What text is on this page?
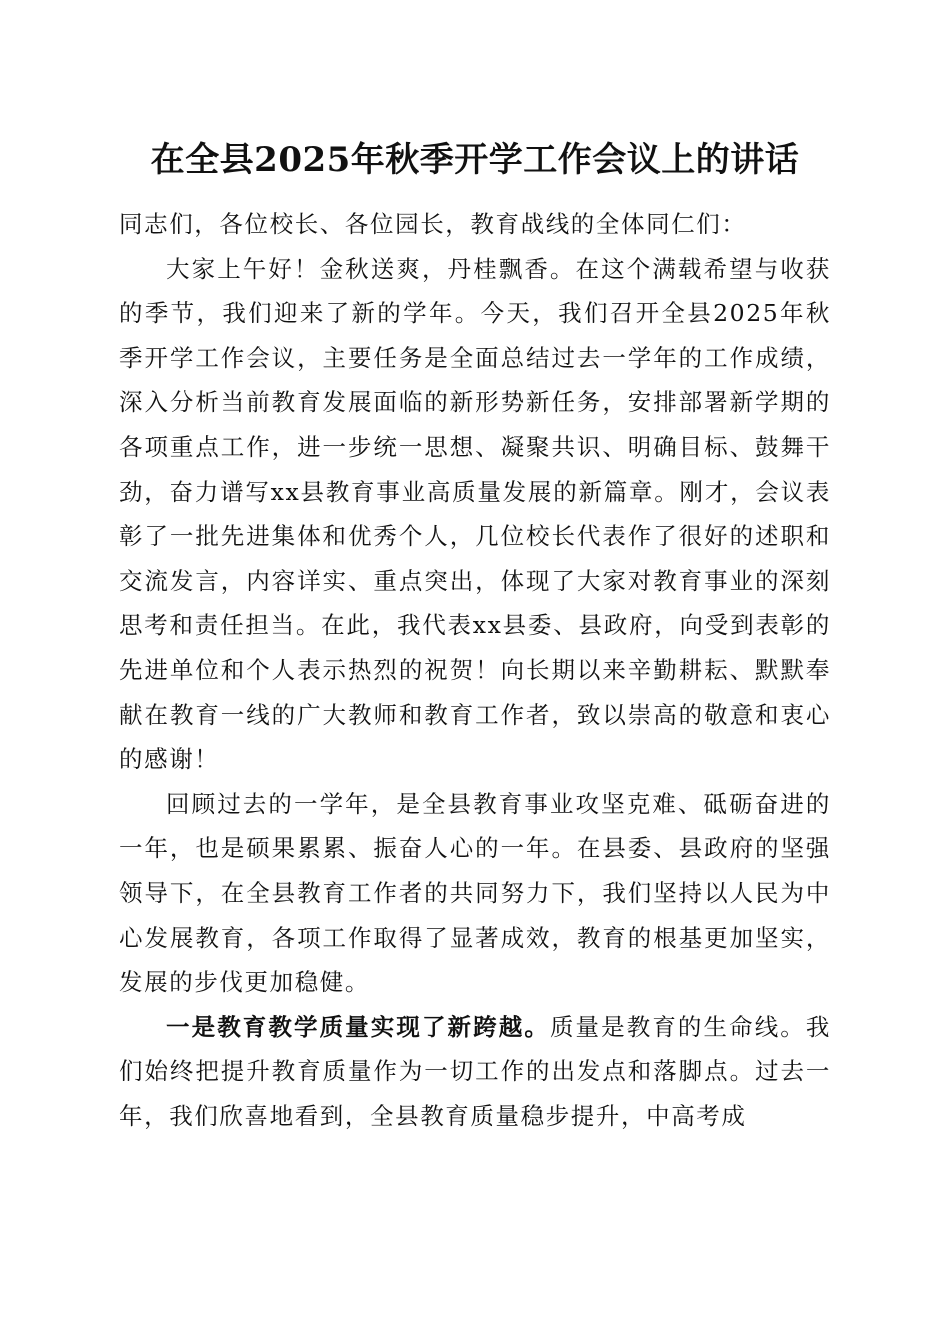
在全县2025年秋季开学工作会议上的讲话

同志们，各位校长、各位园长，教育战线的全体同仁们：

大家上午好！金秋送爽，丹桂飘香。在这个满载希望与收获的季节，我们迎来了新的学年。今天，我们召开全县2025年秋季开学工作会议，主要任务是全面总结过去一学年的工作成绩，深入分析当前教育发展面临的新形势新任务，安排部署新学期的各项重点工作，进一步统一思想、凝聚共识、明确目标、鼓舞干劲，奋力谱写xx县教育事业高质量发展的新篇章。刚才，会议表彰了一批先进集体和优秀个人，几位校长代表作了很好的述职和交流发言，内容详实、重点突出，体现了大家对教育事业的深刻思考和责任担当。在此，我代表xx县委、县政府，向受到表彰的先进单位和个人表示热烈的祝贺！向长期以来辛勤耕耘、默默奉献在教育一线的广大教师和教育工作者，致以崇高的敬意和衷心的感谢！

回顾过去的一学年，是全县教育事业攻坚克难、砥砺奋进的一年，也是硕果累累、振奋人心的一年。在县委、县政府的坚强领导下，在全县教育工作者的共同努力下，我们坚持以人民为中心发展教育，各项工作取得了显著成效，教育的根基更加坚实，发展的步伐更加稳健。

一是教育教学质量实现了新跨越。质量是教育的生命线。我们始终把提升教育质量作为一切工作的出发点和落脚点。过去一年，我们欣喜地看到，全县教育质量稳步提升，中高考成
